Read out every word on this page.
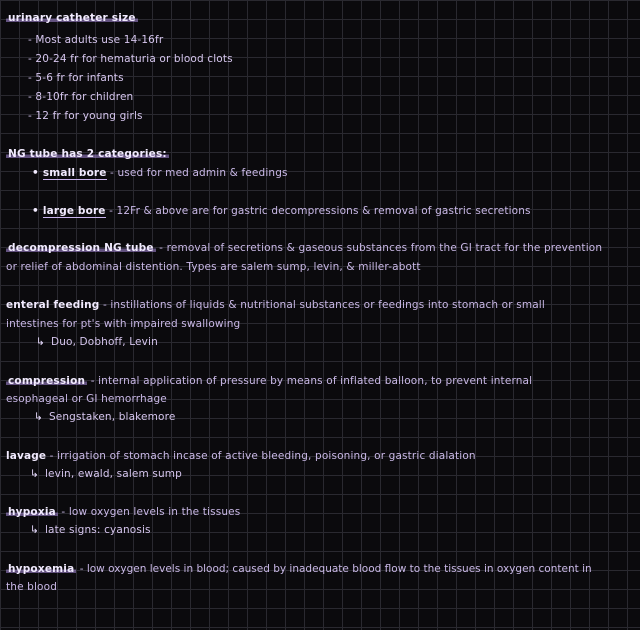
urinary catheter size
- Most adults use 14-16fr
- 20-24 fr for hematuria or blood clots
- 5-6 fr for infants
- 8-10fr for children
- 12 fr for young girls
NG tube has 2 categories:
• small bore - used for med admin & feedings
• large bore - 12Fr & above are for gastric decompressions & removal of gastric secretions
decompression NG tube - removal of secretions & gaseous substances from the GI tract for the prevention
or relief of abdominal distention. Types are salem sump, levin, & miller-abott
enteral feeding - instillations of liquids & nutritional substances or feedings into stomach or small
intestines for pt's with impaired swallowing
↳ Duo, Dobhoff, Levin
compression - internal application of pressure by means of inflated balloon, to prevent internal
esophageal or GI hemorrhage
↳ Sengstaken, blakemore
lavage - irrigation of stomach incase of active bleeding, poisoning, or gastric dialation
↳ levin, ewald, salem sump
hypoxia - low oxygen levels in the tissues
↳ late signs: cyanosis
hypoxemia - low oxygen levels in blood; caused by inadequate blood flow to the tissues in oxygen content in
the blood
